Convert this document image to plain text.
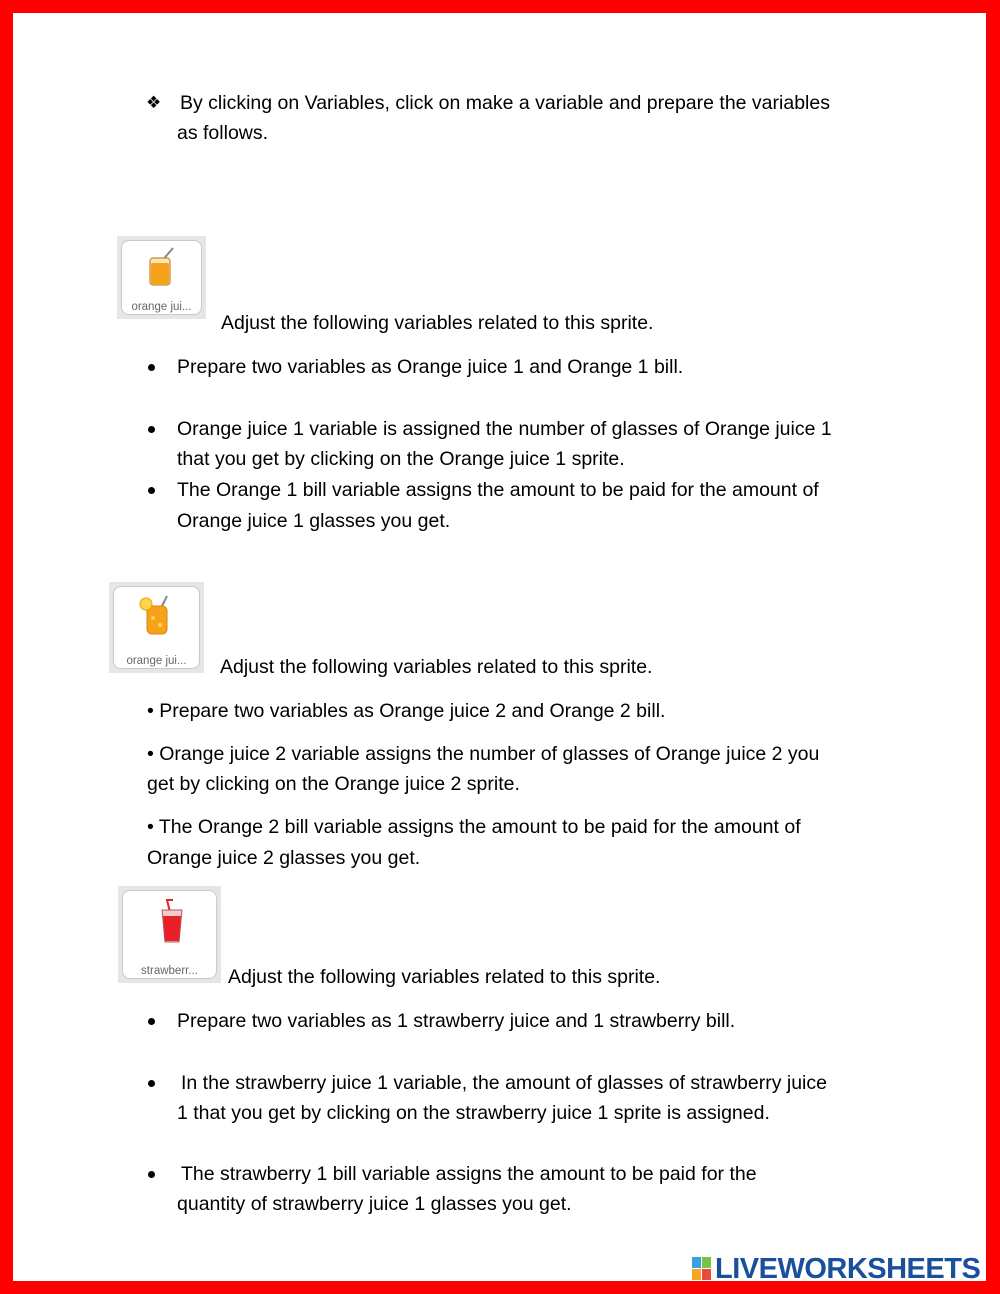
❖ By clicking on Variables, click on make a variable and prepare the variables
as follows.
orange jui...
Adjust the following variables related to this sprite.
Prepare two variables as Orange juice 1 and Orange 1 bill.
Orange juice 1 variable is assigned the number of glasses of Orange juice 1
that you get by clicking on the Orange juice 1 sprite.
The Orange 1 bill variable assigns the amount to be paid for the amount of
Orange juice 1 glasses you get.
orange jui...	Adjust the following variables related to this sprite.
• Prepare two variables as Orange juice 2 and Orange 2 bill.
• Orange juice 2 variable assigns the number of glasses of Orange juice 2 you
get by clicking on the Orange juice 2 sprite.
• The Orange 2 bill variable assigns the amount to be paid for the amount of
Orange juice 2 glasses you get.
strawberr...	Adjust the following variables related to this sprite.
Prepare two variables as 1 strawberry juice and 1 strawberry bill.
In the strawberry juice 1 variable, the amount of glasses of strawberry juice
1 that you get by clicking on the strawberry juice 1 sprite is assigned.
The strawberry 1 bill variable assigns the amount to be paid for the
quantity of strawberry juice 1 glasses you get.
LIVEWORKSHEETS
